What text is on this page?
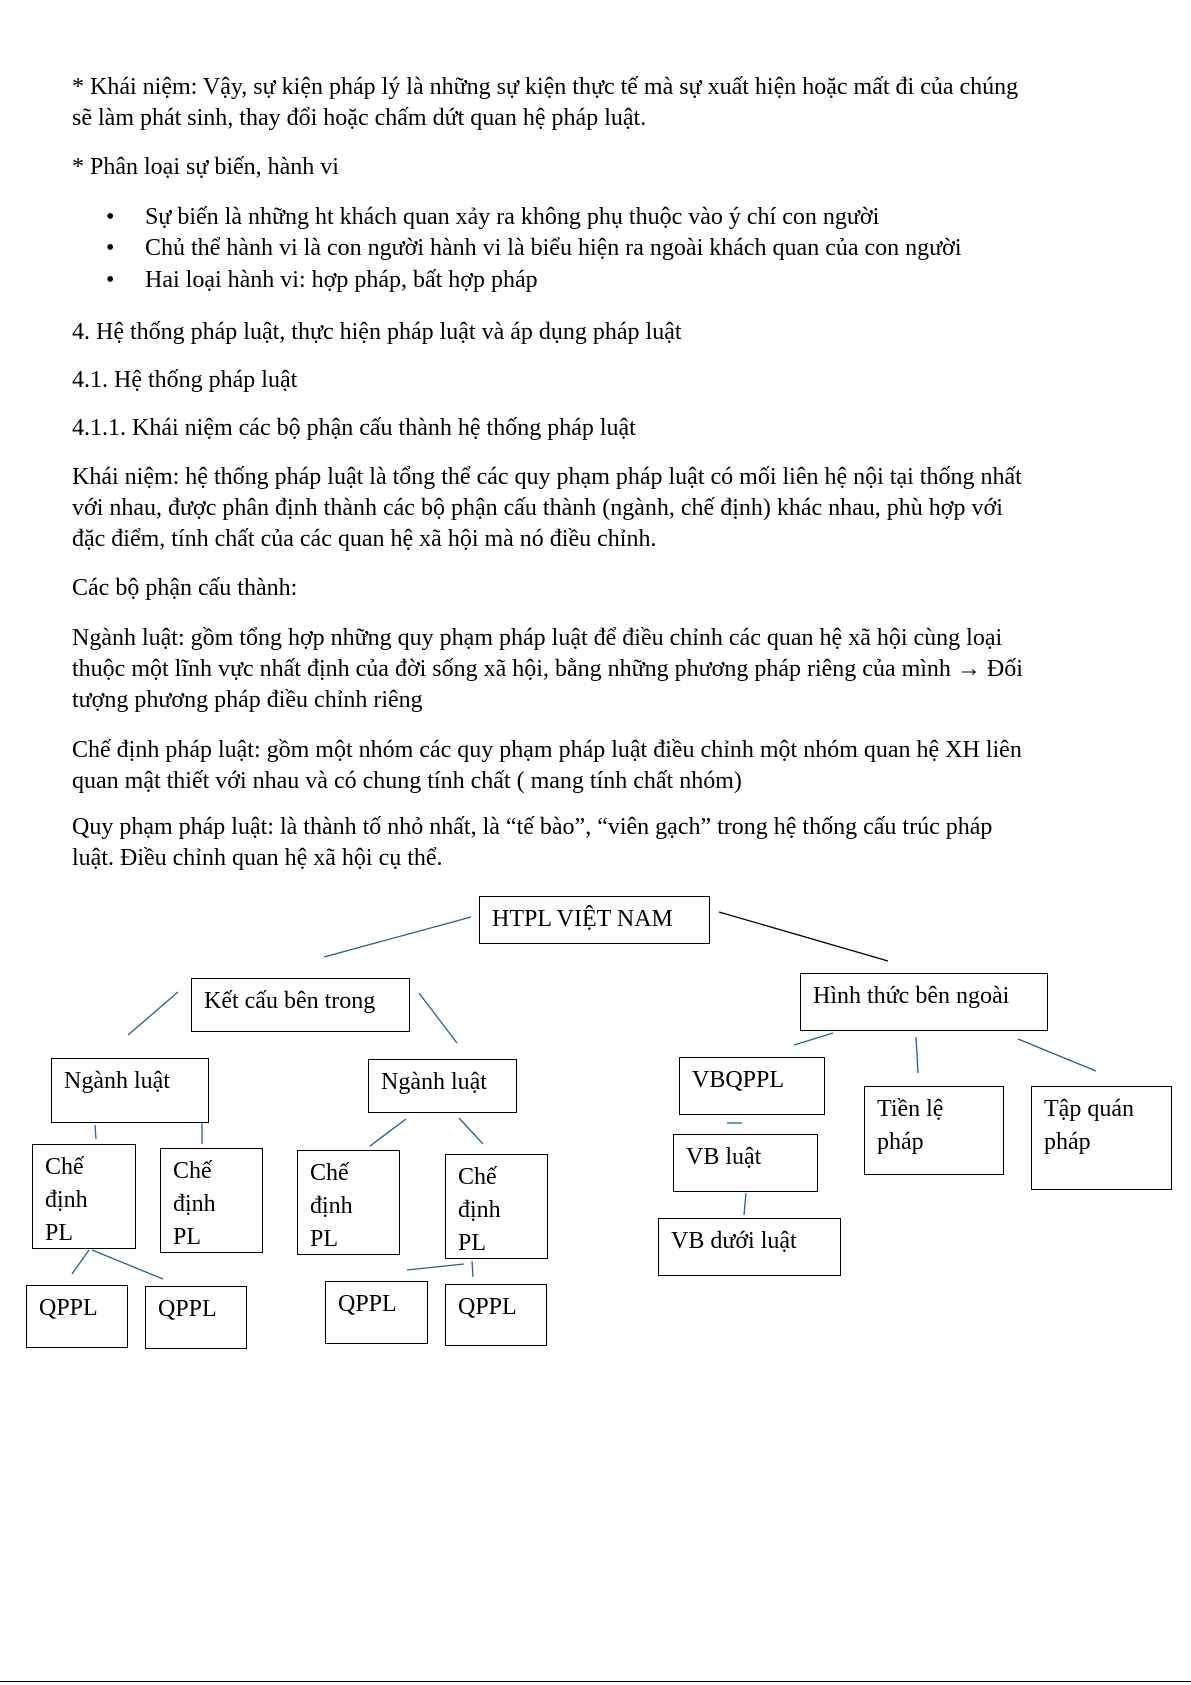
* Khái niệm: Vậy, sự kiện pháp lý là những sự kiện thực tế mà sự xuất hiện hoặc mất đi của chúng
sẽ làm phát sinh, thay đổi hoặc chấm dứt quan hệ pháp luật.
* Phân loại sự biến, hành vi
• Sự biến là những ht khách quan xảy ra không phụ thuộc vào ý chí con người
• Chủ thể hành vi là con người hành vi là biểu hiện ra ngoài khách quan của con người
• Hai loại hành vi: hợp pháp, bất hợp pháp
4. Hệ thống pháp luật, thực hiện pháp luật và áp dụng pháp luật
4.1. Hệ thống pháp luật
4.1.1. Khái niệm các bộ phận cấu thành hệ thống pháp luật
Khái niệm: hệ thống pháp luật là tổng thể các quy phạm pháp luật có mối liên hệ nội tại thống nhất
với nhau, được phân định thành các bộ phận cấu thành (ngành, chế định) khác nhau, phù hợp với
đặc điểm, tính chất của các quan hệ xã hội mà nó điều chỉnh.
Các bộ phận cấu thành:
Ngành luật: gồm tổng hợp những quy phạm pháp luật để điều chỉnh các quan hệ xã hội cùng loại
thuộc một lĩnh vực nhất định của đời sống xã hội, bằng những phương pháp riêng của mình → Đối
tượng phương pháp điều chỉnh riêng
Chế định pháp luật: gồm một nhóm các quy phạm pháp luật điều chỉnh một nhóm quan hệ XH liên
quan mật thiết với nhau và có chung tính chất ( mang tính chất nhóm)
Quy phạm pháp luật: là thành tố nhỏ nhất, là “tế bào”, “viên gạch” trong hệ thống cấu trúc pháp
luật. Điều chỉnh quan hệ xã hội cụ thể.
HTPL VIỆT NAM
Kết cấu bên trong	Hình thức bên ngoài
Ngành luật	Ngành luật	VBQPPL
Tiền lệ
pháp
Tập quán
pháp
VB luật
VB dưới luật
Chế
định
PL
Chế
định
PL
Chế
định
PL
Chế
định
PL
QPPL	QPPL	QPPL	QPPL
